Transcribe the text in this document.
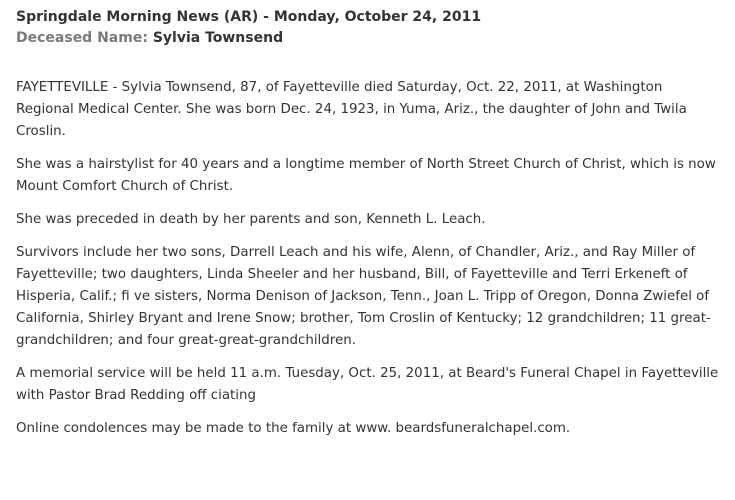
Springdale Morning News (AR) - Monday, October 24, 2011
Deceased Name: Sylvia Townsend

FAYETTEVILLE - Sylvia Townsend, 87, of Fayetteville died Saturday, Oct. 22, 2011, at Washington Regional Medical Center. She was born Dec. 24, 1923, in Yuma, Ariz., the daughter of John and Twila Croslin.

She was a hairstylist for 40 years and a longtime member of North Street Church of Christ, which is now Mount Comfort Church of Christ.

She was preceded in death by her parents and son, Kenneth L. Leach.

Survivors include her two sons, Darrell Leach and his wife, Alenn, of Chandler, Ariz., and Ray Miller of Fayetteville; two daughters, Linda Sheeler and her husband, Bill, of Fayetteville and Terri Erkeneft of Hisperia, Calif.; fi ve sisters, Norma Denison of Jackson, Tenn., Joan L. Tripp of Oregon, Donna Zwiefel of California, Shirley Bryant and Irene Snow; brother, Tom Croslin of Kentucky; 12 grandchildren; 11 great-grandchildren; and four great-great-grandchildren.

A memorial service will be held 11 a.m. Tuesday, Oct. 25, 2011, at Beard's Funeral Chapel in Fayetteville with Pastor Brad Redding off ciating

Online condolences may be made to the family at www. beardsfuneralchapel.com.
